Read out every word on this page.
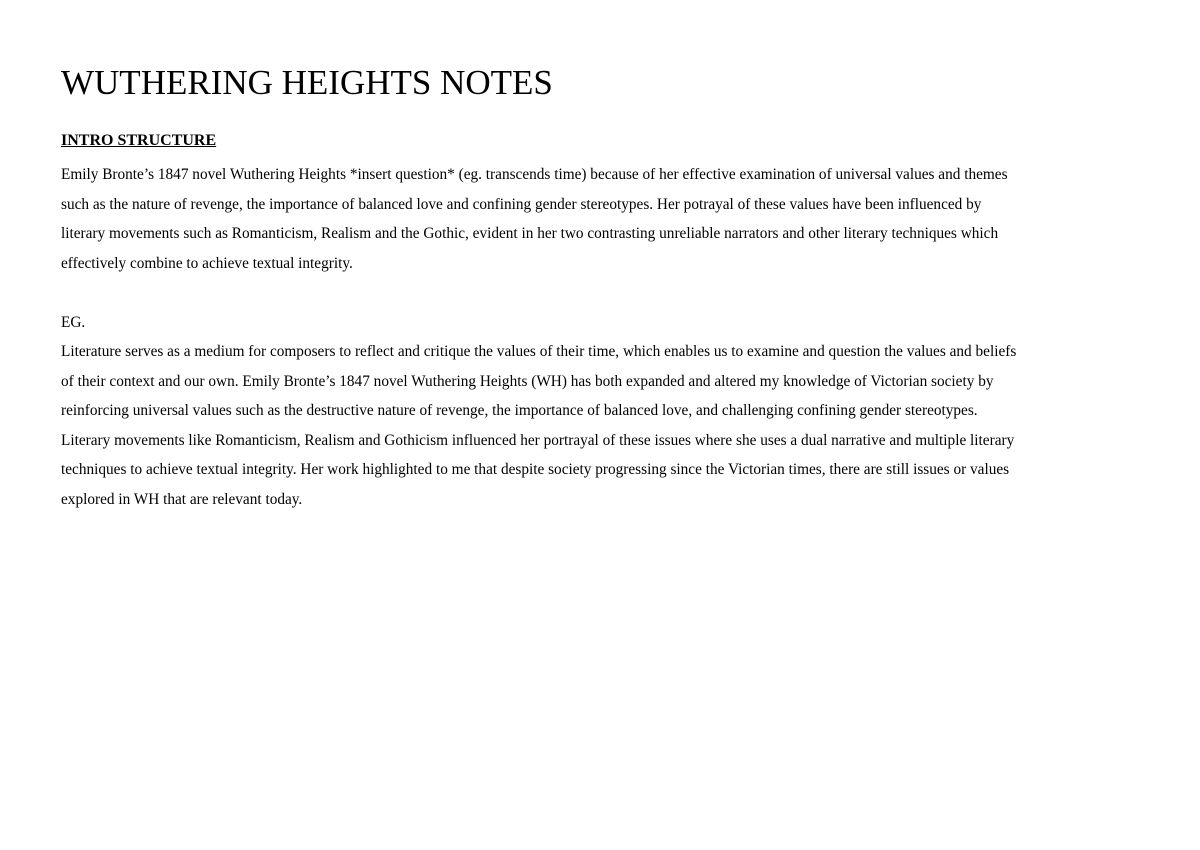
WUTHERING HEIGHTS NOTES
INTRO STRUCTURE

Emily Bronte’s 1847 novel Wuthering Heights *insert question* (eg. transcends time) because of her effective examination of universal values and themes
such as the nature of revenge, the importance of balanced love and confining gender stereotypes. Her potrayal of these values have been influenced by
literary movements such as Romanticism, Realism and the Gothic, evident in her two contrasting unreliable narrators and other literary techniques which
effectively combine to achieve textual integrity.

EG.

Literature serves as a medium for composers to reflect and critique the values of their time, which enables us to examine and question the values and beliefs
of their context and our own. Emily Bronte’s 1847 novel Wuthering Heights (WH) has both expanded and altered my knowledge of Victorian society by
reinforcing universal values such as the destructive nature of revenge, the importance of balanced love, and challenging confining gender stereotypes.
Literary movements like Romanticism, Realism and Gothicism influenced her portrayal of these issues where she uses a dual narrative and multiple literary
techniques to achieve textual integrity. Her work highlighted to me that despite society progressing since the Victorian times, there are still issues or values
explored in WH that are relevant today.
